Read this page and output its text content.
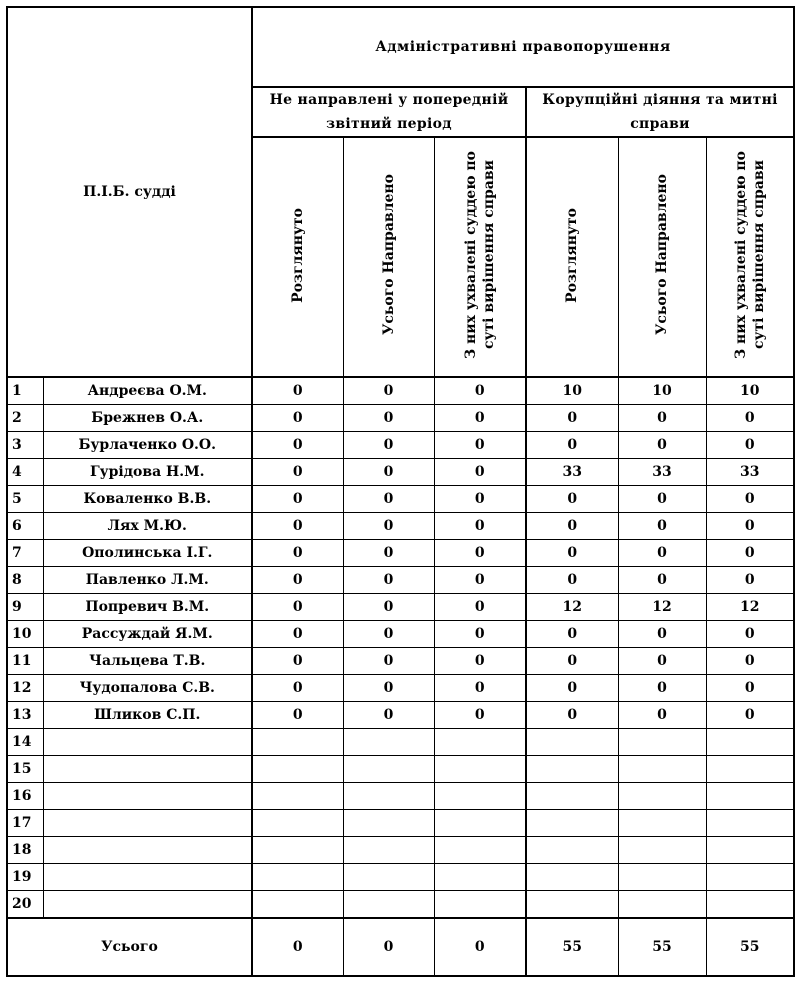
П.І.Б. судді		Адміністративні правопорушення					
		Не направлені у попередній звітний період			Корупційні діяння та митні справи		
		Розглянуто	Усього Направлено	З них ухвалені суддею по суті вирішення справи	Розглянуто	Усього Направлено	З них ухвалені суддею по суті вирішення справи
1	Андреєва О.М.	0	0	0	10	10	10
2	Брежнев О.А.	0	0	0	0	0	0
3	Бурлаченко О.О.	0	0	0	0	0	0
4	Гурідова Н.М.	0	0	0	33	33	33
5	Коваленко В.В.	0	0	0	0	0	0
6	Лях М.Ю.	0	0	0	0	0	0
7	Ополинська І.Г.	0	0	0	0	0	0
8	Павленко Л.М.	0	0	0	0	0	0
9	Попревич В.М.	0	0	0	12	12	12
10	Рассуждай Я.М.	0	0	0	0	0	0
11	Чальцева Т.В.	0	0	0	0	0	0
12	Чудопалова С.В.	0	0	0	0	0	0
13	Шликов С.П.	0	0	0	0	0	0
14							
15							
16							
17							
18							
19							
20							
Усього		0	0	0	55	55	55
